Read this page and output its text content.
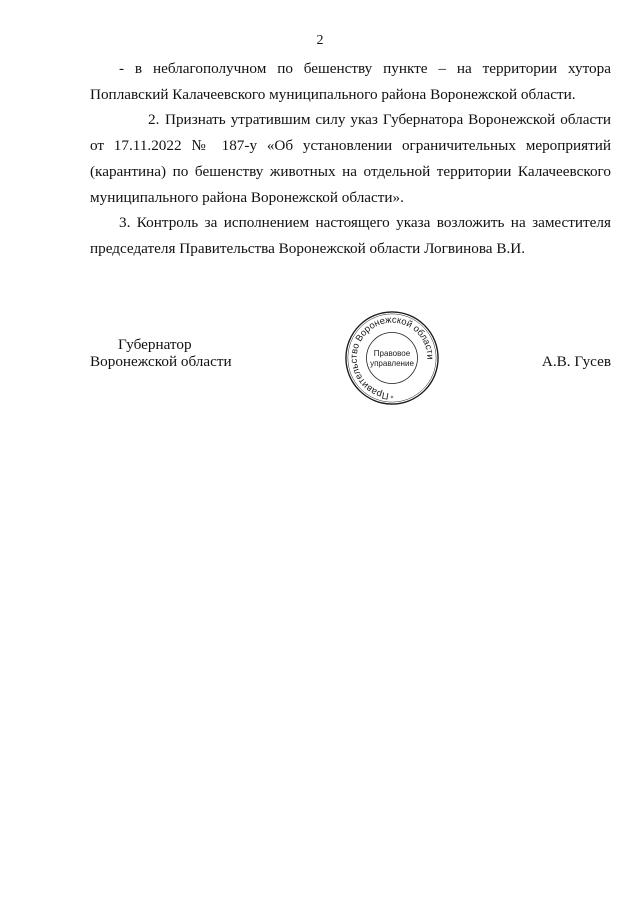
2

- в неблагополучном по бешенству пункте – на территории хутора Поплавский Калачеевского муниципального района Воронежской области.

2. Признать утратившим силу указ Губернатора Воронежской области от 17.11.2022 № 187-у «Об установлении ограничительных мероприятий (карантина) по бешенству животных на отдельной территории Калачеевского муниципального района Воронежской области».

3. Контроль за исполнением настоящего указа возложить на заместителя председателя Правительства Воронежской области Логвинова В.И.

Губернатор
Воронежской области
Правительство Воронежской области
Правовое
управление
*
А.В. Гусев
